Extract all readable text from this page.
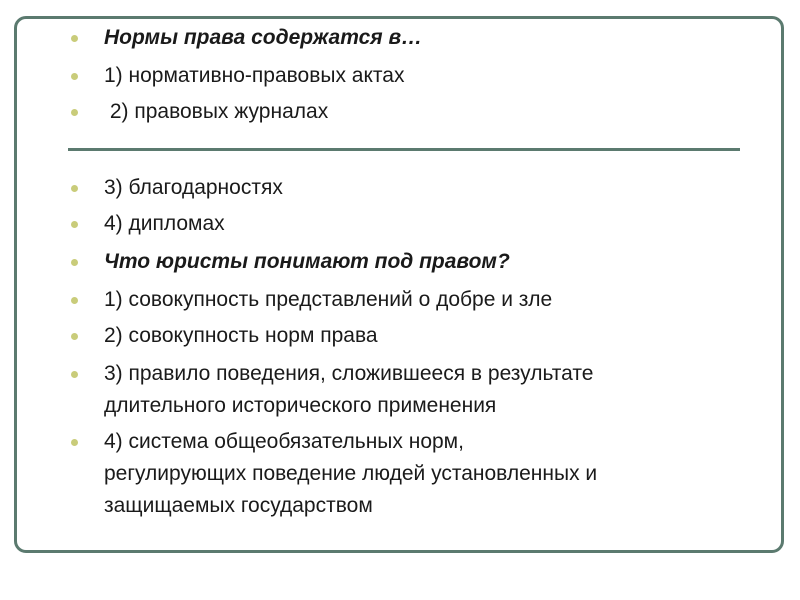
Нормы права содержатся в…
1) нормативно-правовых актах
2) правовых журналах
3) благодарностях
4) дипломах
Что юристы понимают под правом?
1) совокупность представлений о добре и зле
2) совокупность норм права
3) правило поведения, сложившееся в результате
длительного исторического применения
4) система общеобязательных норм,
регулирующих поведение людей установленных и
защищаемых государством
